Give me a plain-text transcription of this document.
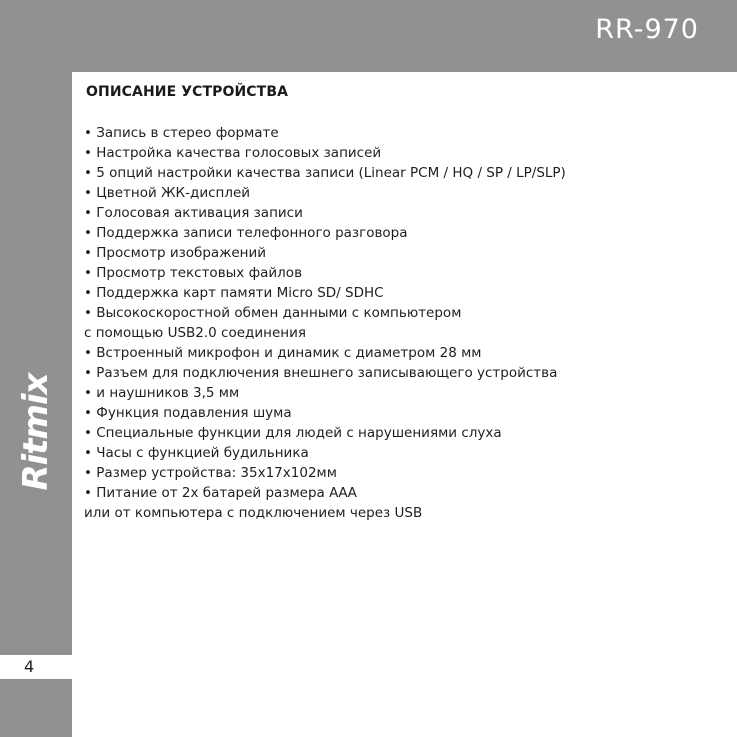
RR-970
Ritmix
4
ОПИСАНИЕ УСТРОЙСТВА
• Запись в стерео формате
• Настройка качества голосовых записей
• 5 опций настройки качества записи (Linear PCM / HQ / SP / LP/SLP)
• Цветной ЖК-дисплей
• Голосовая активация записи
• Поддержка записи телефонного разговора
• Просмотр изображений
• Просмотр текстовых файлов
• Поддержка карт памяти Micro SD/ SDHC
• Высокоскоростной обмен данными с компьютером
с помощью USB2.0 соединения
• Встроенный микрофон и динамик с диаметром 28 мм
• Разъем для подключения внешнего записывающего устройства
• и наушников 3,5 мм
• Функция подавления шума
• Специальные функции для людей с нарушениями слуха
• Часы с функцией будильника
• Размер устройства: 35x17x102мм
• Питание от 2х батарей размера ААА
или от компьютера с подключением через USB
